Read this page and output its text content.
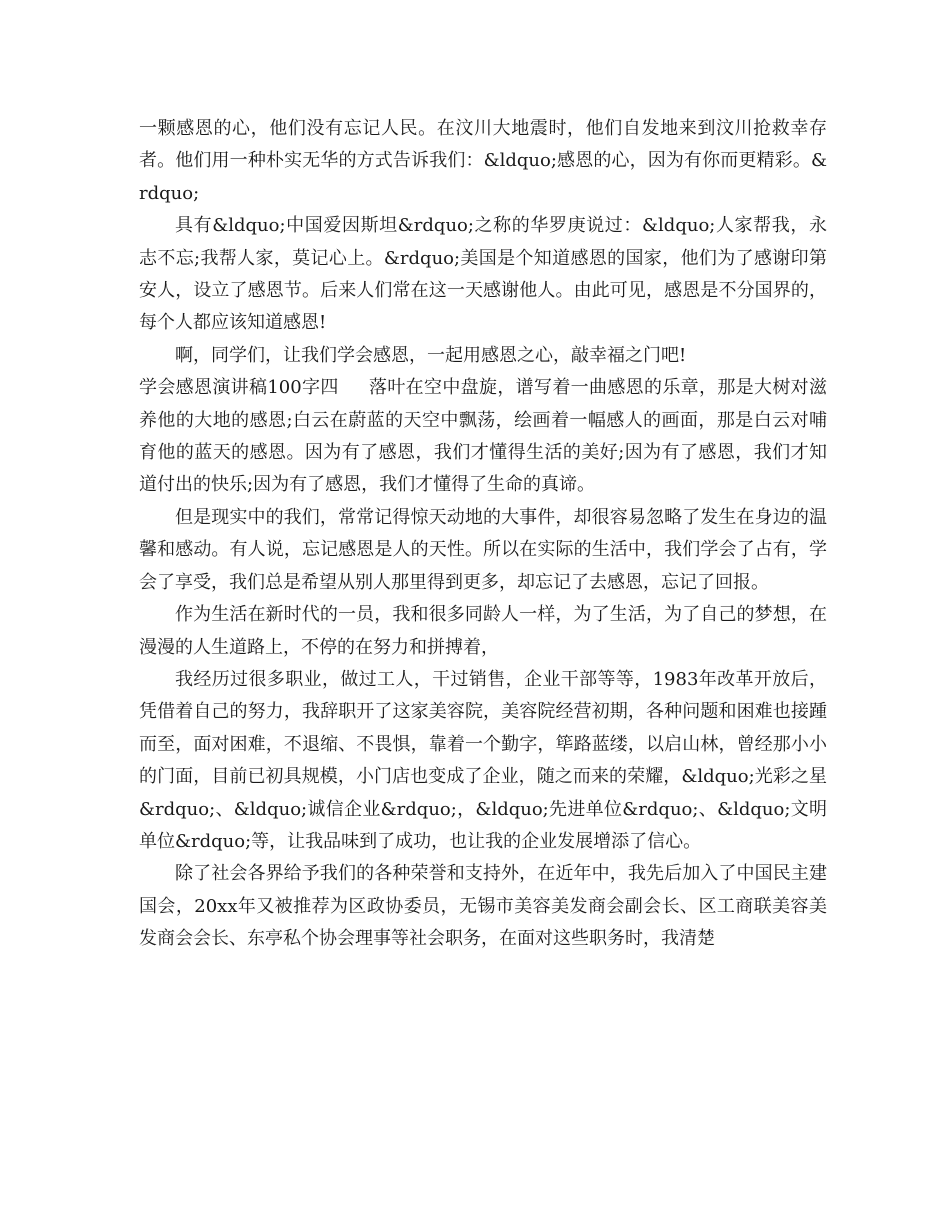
一颗感恩的心，他们没有忘记人民。在汶川大地震时，他们自发地来到汶川抢救幸存者。他们用一种朴实无华的方式告诉我们：&ldquo;感恩的心，因为有你而更精彩。&rdquo;

具有&ldquo;中国爱因斯坦&rdquo;之称的华罗庚说过：&ldquo;人家帮我，永志不忘;我帮人家，莫记心上。&rdquo;美国是个知道感恩的国家，他们为了感谢印第安人，设立了感恩节。后来人们常在这一天感谢他人。由此可见，感恩是不分国界的，每个人都应该知道感恩!

啊，同学们，让我们学会感恩，一起用感恩之心，敲幸福之门吧!

学会感恩演讲稿100字四 落叶在空中盘旋，谱写着一曲感恩的乐章，那是大树对滋养他的大地的感恩;白云在蔚蓝的天空中飘荡，绘画着一幅感人的画面，那是白云对哺育他的蓝天的感恩。因为有了感恩，我们才懂得生活的美好;因为有了感恩，我们才知道付出的快乐;因为有了感恩，我们才懂得了生命的真谛。

但是现实中的我们，常常记得惊天动地的大事件，却很容易忽略了发生在身边的温馨和感动。有人说，忘记感恩是人的天性。所以在实际的生活中，我们学会了占有，学会了享受，我们总是希望从别人那里得到更多，却忘记了去感恩，忘记了回报。

作为生活在新时代的一员，我和很多同龄人一样，为了生活，为了自己的梦想，在漫漫的人生道路上，不停的在努力和拼搏着，

我经历过很多职业，做过工人，干过销售，企业干部等等，1983年改革开放后，凭借着自己的努力，我辞职开了这家美容院，美容院经营初期，各种问题和困难也接踵而至，面对困难，不退缩、不畏惧，靠着一个勤字，筚路蓝缕，以启山林，曾经那小小的门面，目前已初具规模，小门店也变成了企业，随之而来的荣耀，&ldquo;光彩之星&rdquo;、&ldquo;诚信企业&rdquo;，&ldquo;先进单位&rdquo;、&ldquo;文明单位&rdquo;等，让我品味到了成功，也让我的企业发展增添了信心。

除了社会各界给予我们的各种荣誉和支持外，在近年中，我先后加入了中国民主建国会，20xx年又被推荐为区政协委员，无锡市美容美发商会副会长、区工商联美容美发商会会长、东亭私个协会理事等社会职务，在面对这些职务时，我清楚
